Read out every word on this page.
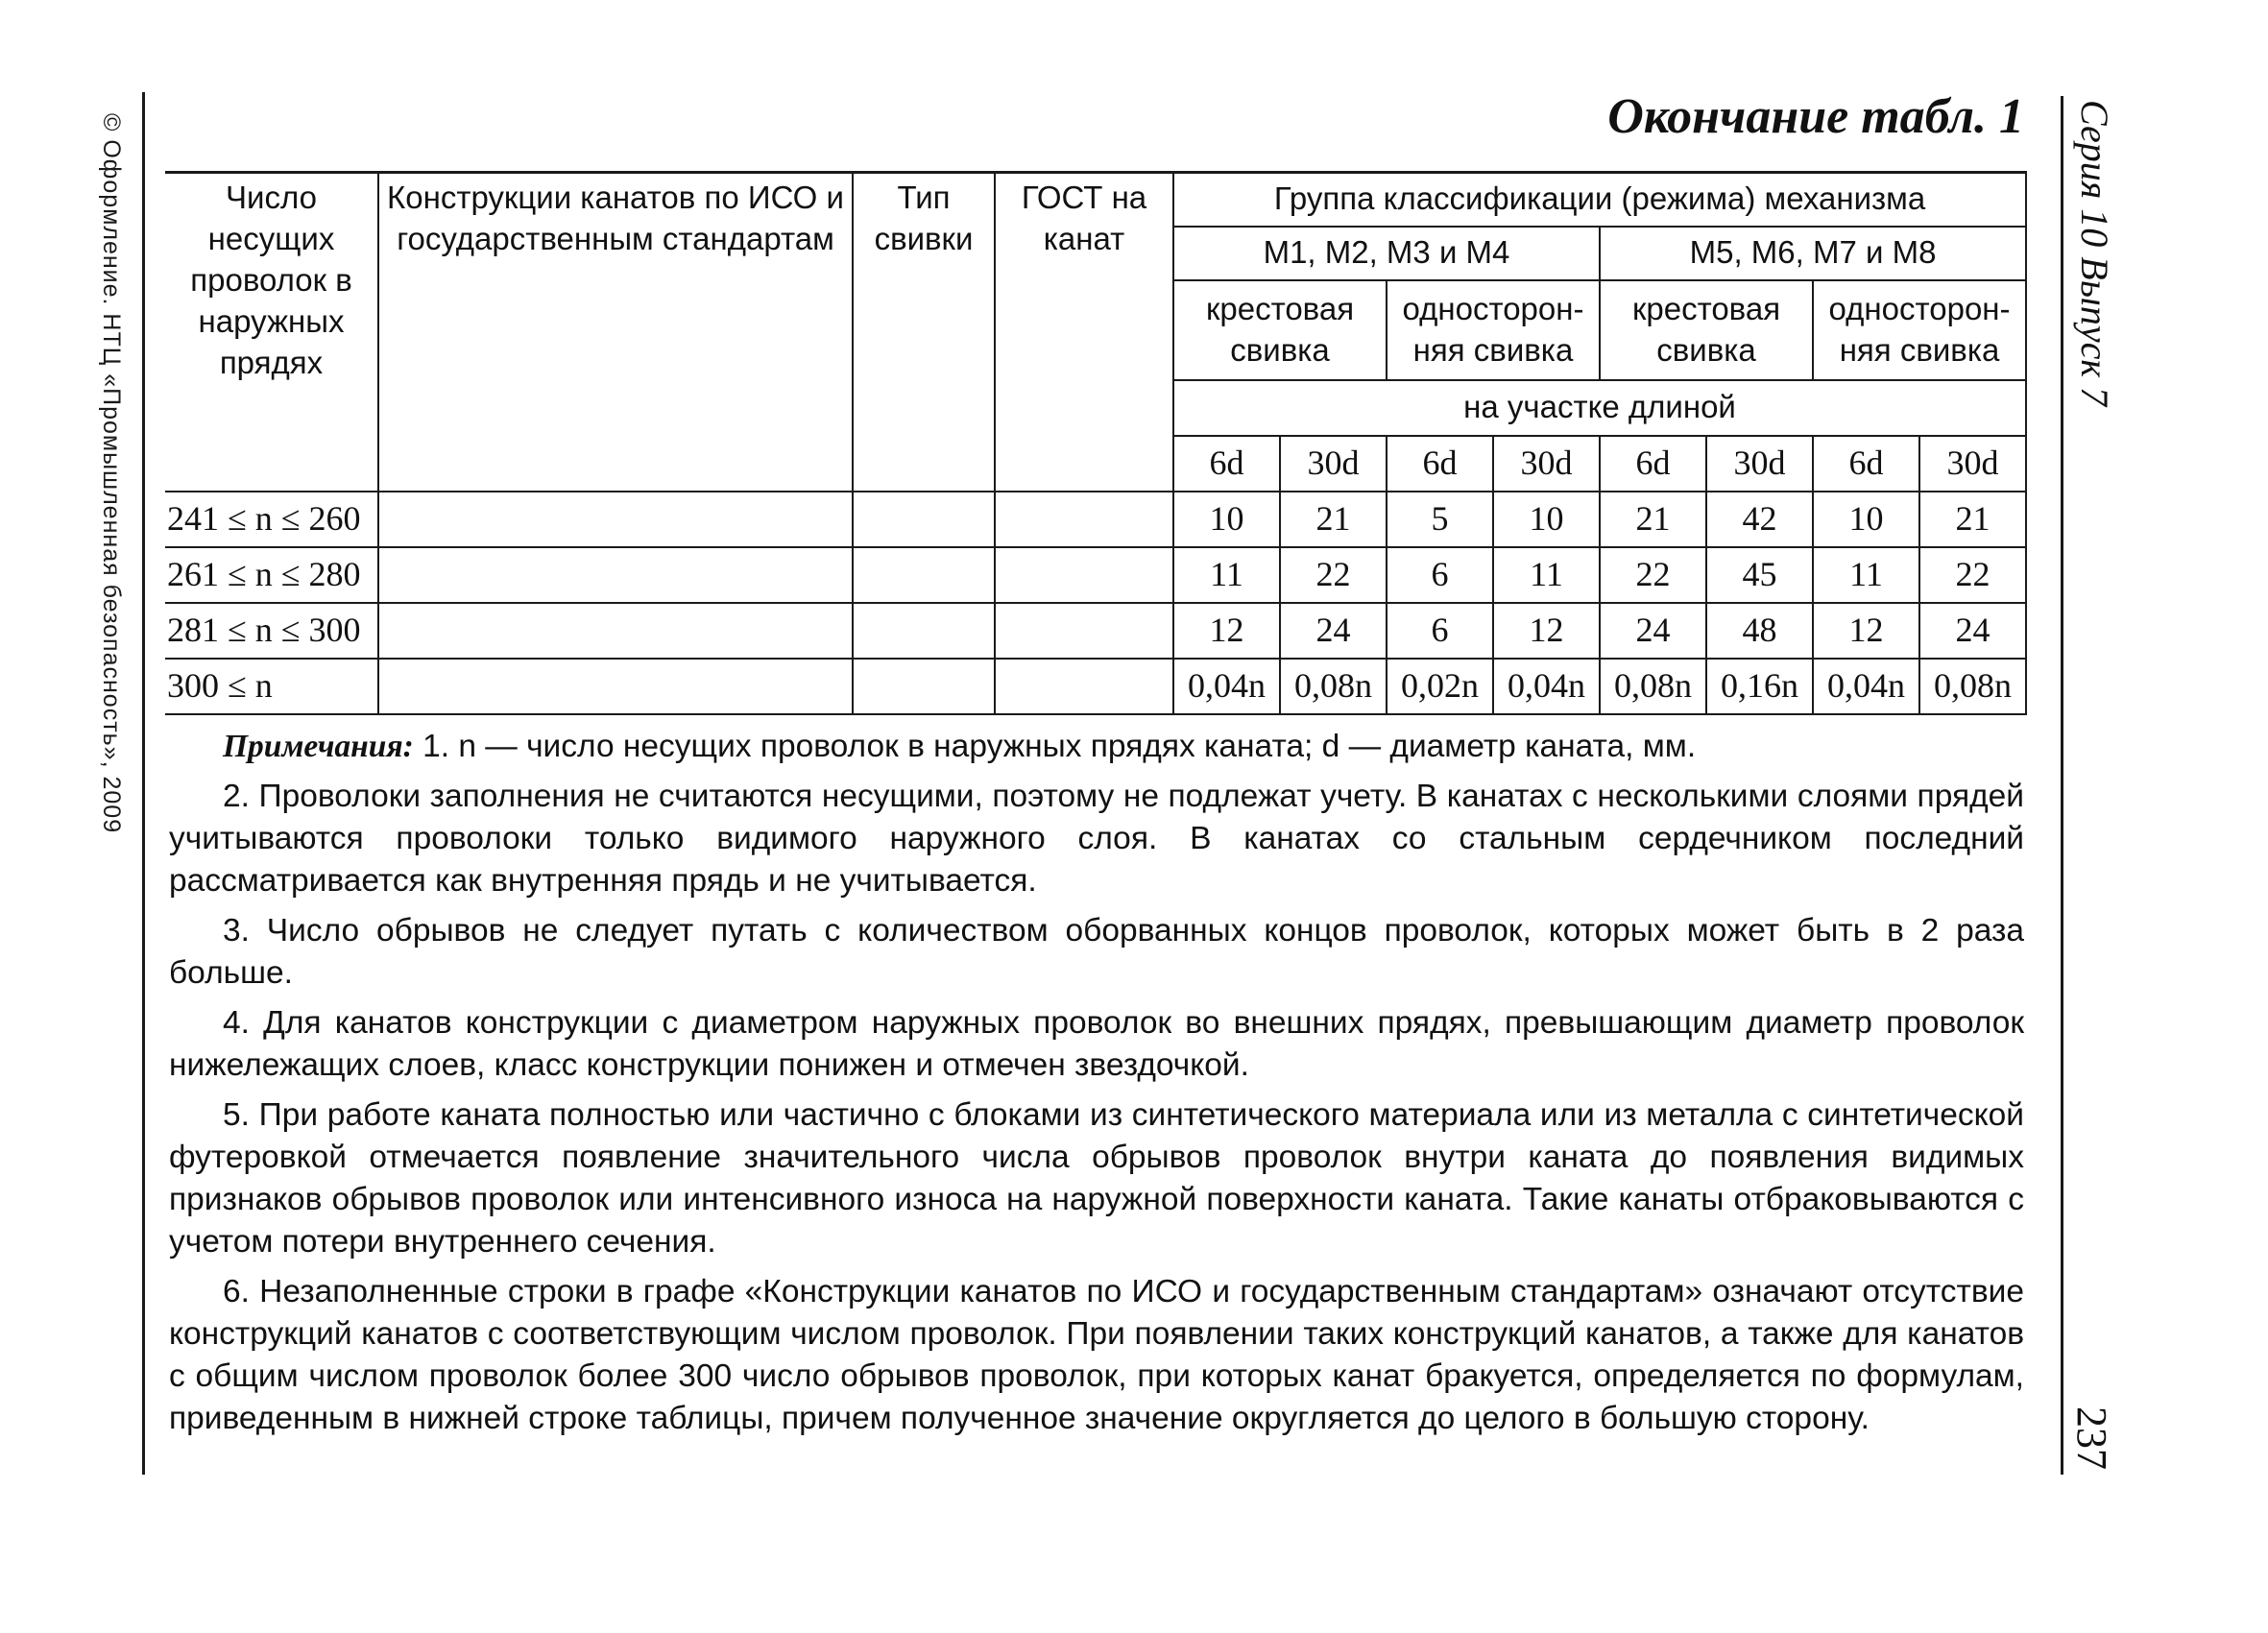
© Оформление. НТЦ «Промышленная безопасность», 2009	Серия 10 Выпуск 7
237
Окончание табл. 1
Число несущих проволок в наружных прядях	Конструкции канатов по ИСО и государственным стандартам	Тип свивки	ГОСТ на канат	Группа классификации (режима) механизма							
				M1, M2, M3 и M4				M5, M6, M7 и M8			
				крестовая свивка		односторон-няя свивка		крестовая свивка		односторон-няя свивка	
				на участке длиной							
				6d	30d	6d	30d	6d	30d	6d	30d

241 ≤ n ≤ 260				10	21	5	10	21	42	10	21
261 ≤ n ≤ 280				11	22	6	11	22	45	11	22
281 ≤ n ≤ 300				12	24	6	12	24	48	12	24
300 ≤ n				0,04n	0,08n	0,02n	0,04n	0,08n	0,16n	0,04n	0,08n

Примечания: 1. n — число несущих проволок в наружных прядях каната; d — диаметр каната, мм.

2. Проволоки заполнения не считаются несущими, поэтому не подлежат учету. В канатах с несколькими слоями прядей учитываются проволоки только видимого наружного слоя. В канатах со стальным сердечником последний рассматривается как внутренняя прядь и не учитывается.

3. Число обрывов не следует путать с количеством оборванных концов проволок, которых может быть в 2 раза больше.

4. Для канатов конструкции с диаметром наружных проволок во внешних прядях, превышающим диаметр проволок нижележащих слоев, класс конструкции понижен и отмечен звездочкой.

5. При работе каната полностью или частично с блоками из синтетического материала или из металла с синтетической футеровкой отмечается появление значительного числа обрывов проволок внутри каната до появления видимых признаков обрывов проволок или интенсивного износа на наружной поверхности каната. Такие канаты отбраковываются с учетом потери внутреннего сечения.

6. Незаполненные строки в графе «Конструкции канатов по ИСО и государственным стандартам» означают отсутствие конструкций канатов с соответствующим числом проволок. При появлении таких конструкций канатов, а также для канатов с общим числом проволок более 300 число обрывов проволок, при которых канат бракуется, определяется по формулам, приведенным в нижней строке таблицы, причем полученное значение округляется до целого в большую сторону.
